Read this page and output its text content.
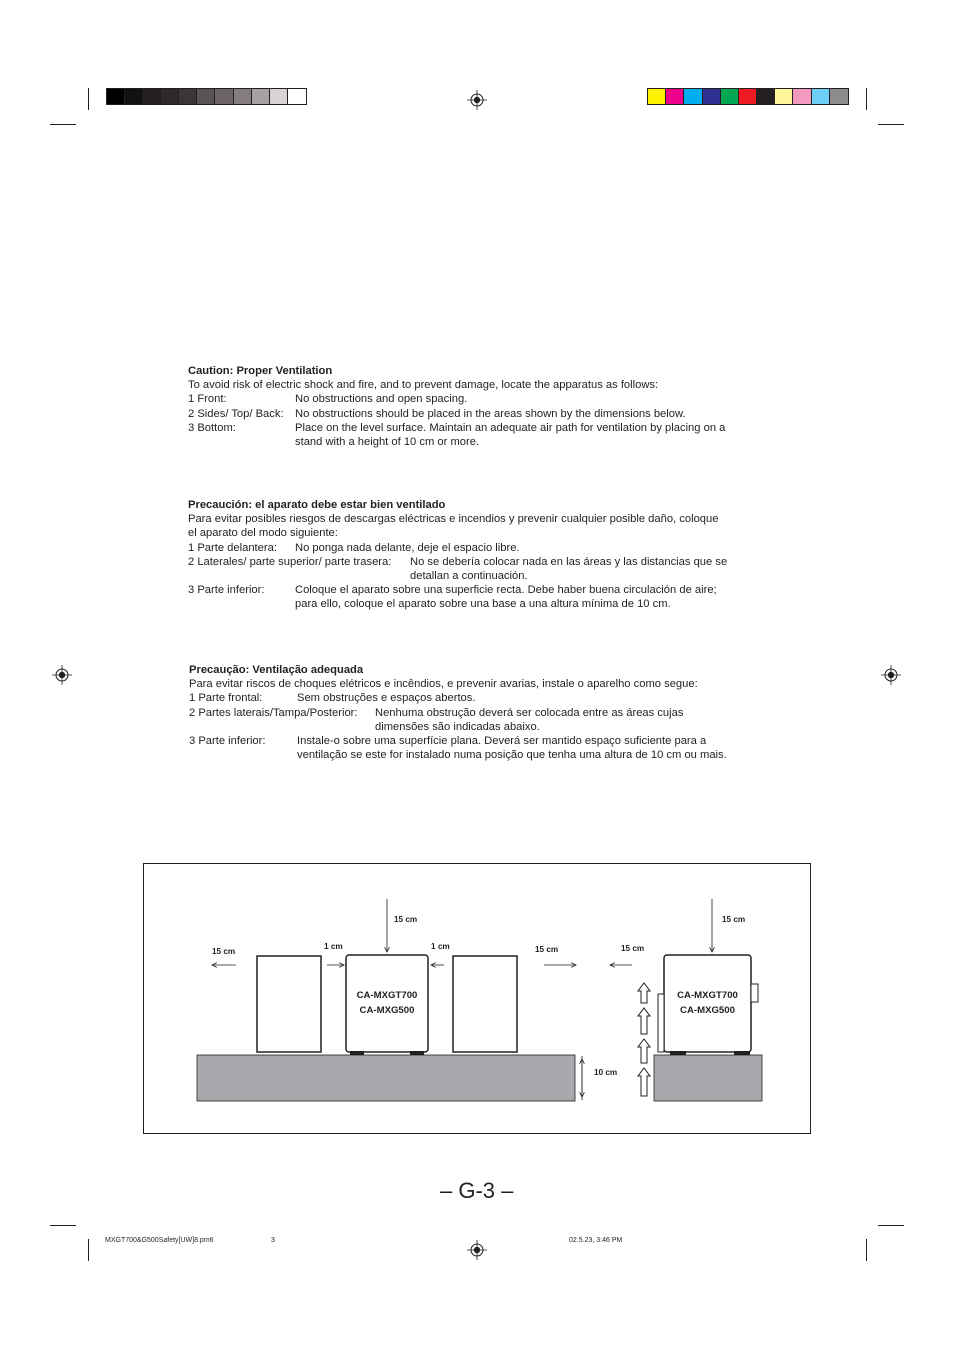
Caution: Proper Ventilation
To avoid risk of electric shock and fire, and to prevent damage, locate the apparatus as follows:
1 Front:	No obstructions and open spacing.
2 Sides/ Top/ Back: No obstructions should be placed in the areas shown by the dimensions below.
3 Bottom:	Place on the level surface. Maintain an adequate air path for ventilation by placing on a
stand with a height of 10 cm or more.
Precaución: el aparato debe estar bien ventilado
Para evitar posibles riesgos de descargas eléctricas e incendios y prevenir cualquier posible daño, coloque
el aparato del modo siguiente:
1 Parte delantera: No ponga nada delante, deje el espacio libre.
2 Laterales/ parte superior/ parte trasera: No se debería colocar nada en las áreas y las distancias que se
detallan a continuación.
3 Parte inferior:	Coloque el aparato sobre una superficie recta. Debe haber buena circulación de aire;
para ello, coloque el aparato sobre una base a una altura mínima de 10 cm.
Precaução: Ventilação adequada
Para evitar riscos de choques elétricos e incêndios, e prevenir avarias, instale o aparelho como segue:
1 Parte frontal:	Sem obstruções e espaços abertos.
2 Partes laterais/Tampa/Posterior: Nenhuma obstrução deverá ser colocada entre as áreas cujas
dimensões são indicadas abaixo.
3 Parte inferior:	Instale-o sobre uma superfície plana. Deverá ser mantido espaço suficiente para a
ventilação se este for instalado numa posição que tenha uma altura de 10 cm ou mais.
15 cm
1 cm
15 cm
1 cm	15 cm
CA-MXGT700
CA-MXG500
10 cm
15 cm
15 cm
CA-MXGT700
CA-MXG500
– G-3 –
MXGT700&G500Safety[UW]8.pm6	3	02.5.23, 3:46 PM
